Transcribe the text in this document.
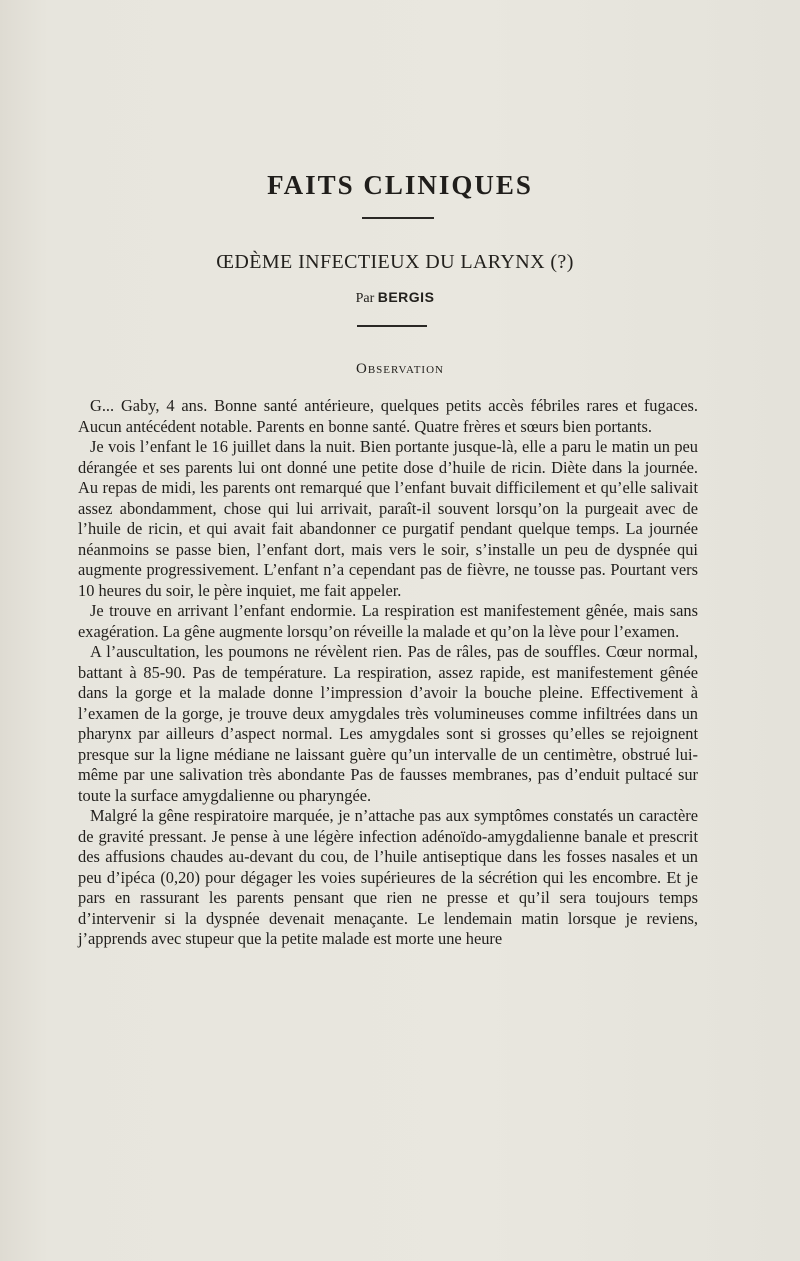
FAITS CLINIQUES
ŒDÈME INFECTIEUX DU LARYNX (?)
Par BERGIS
Observation

G... Gaby, 4 ans. Bonne santé antérieure, quelques petits accès fébriles rares et fugaces. Aucun antécédent notable. Parents en bonne santé. Quatre frères et sœurs bien portants.

Je vois l’enfant le 16 juillet dans la nuit. Bien portante jusque-là, elle a paru le matin un peu dérangée et ses parents lui ont donné une petite dose d’huile de ricin. Diète dans la journée. Au repas de midi, les parents ont remarqué que l’enfant buvait difficilement et qu’elle salivait assez abondamment, chose qui lui arrivait, paraît-il souvent lorsqu’on la purgeait avec de l’huile de ricin, et qui avait fait abandonner ce purgatif pendant quelque temps. La journée néanmoins se passe bien, l’enfant dort, mais vers le soir, s’installe un peu de dyspnée qui augmente progressivement. L’enfant n’a cependant pas de fièvre, ne tousse pas. Pourtant vers 10 heures du soir, le père inquiet, me fait appeler.

Je trouve en arrivant l’enfant endormie. La respiration est manifestement gênée, mais sans exagération. La gêne augmente lorsqu’on réveille la malade et qu’on la lève pour l’examen.

A l’auscultation, les poumons ne révèlent rien. Pas de râles, pas de souffles. Cœur normal, battant à 85-90. Pas de température. La respiration, assez rapide, est manifestement gênée dans la gorge et la malade donne l’impression d’avoir la bouche pleine. Effectivement à l’examen de la gorge, je trouve deux amygdales très volumineuses comme infiltrées dans un pharynx par ailleurs d’aspect normal. Les amygdales sont si grosses qu’elles se rejoignent presque sur la ligne médiane ne laissant guère qu’un intervalle de un centimètre, obstrué lui-même par une salivation très abondante Pas de fausses membranes, pas d’enduit pultacé sur toute la surface amygdalienne ou pharyngée.

Malgré la gêne respiratoire marquée, je n’attache pas aux symptômes constatés un caractère de gravité pressant. Je pense à une légère infection adénoïdo-amygdalienne banale et prescrit des affusions chaudes au-devant du cou, de l’huile antiseptique dans les fosses nasales et un peu d’ipéca (0,20) pour dégager les voies supérieures de la sécrétion qui les encombre. Et je pars en rassurant les parents pensant que rien ne presse et qu’il sera toujours temps d’intervenir si la dyspnée devenait menaçante. Le lendemain matin lorsque je reviens, j’apprends avec stupeur que la petite malade est morte une heure
